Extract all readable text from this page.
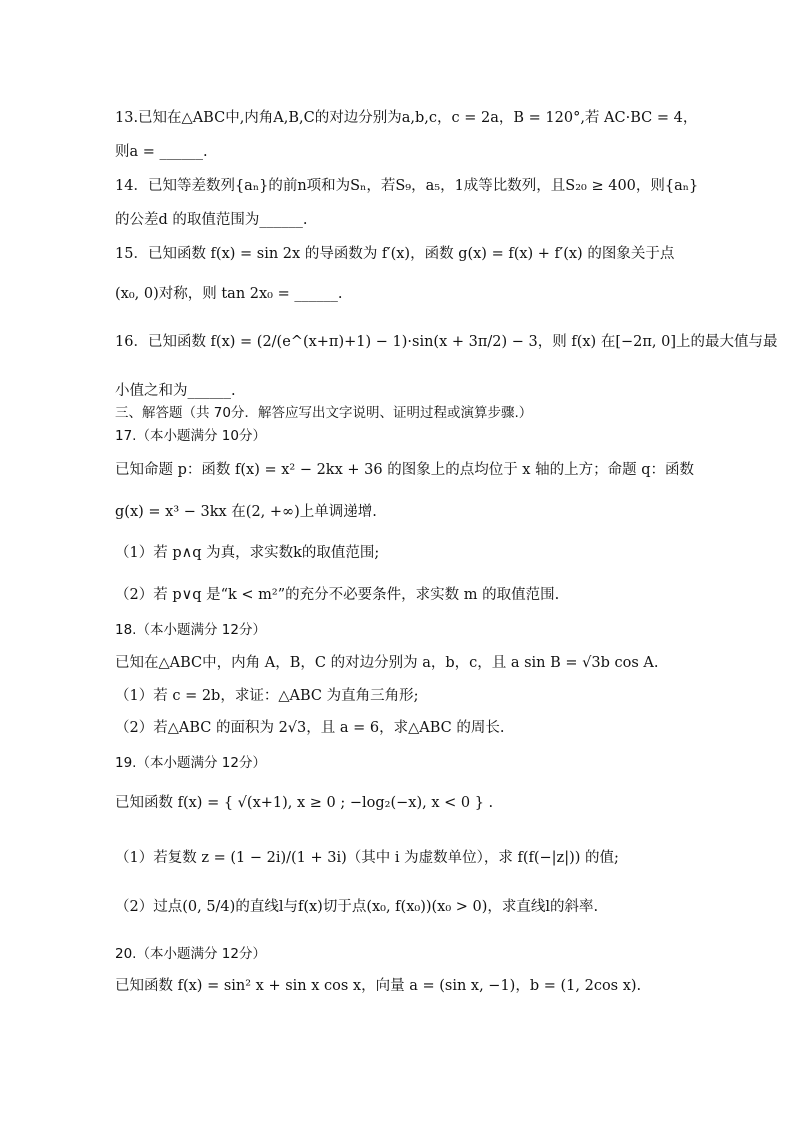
13.已知在△ABC中,内角A,B,C的对边分别为a,b,c，c = 2a，B = 120°,若 AC·BC = 4，
则a = ______.
14．已知等差数列{aₙ}的前n项和为Sₙ，若S₉，a₅，1成等比数列，且S₂₀ ≥ 400，则{aₙ}
的公差d 的取值范围为______.
15．已知函数 f(x) = sin 2x 的导函数为 f′(x)，函数 g(x) = f(x) + f′(x) 的图象关于点
(x₀, 0)对称，则 tan 2x₀ = ______.
16．已知函数 f(x) = (2/(e^(x+π)+1) − 1)·sin(x + 3π/2) − 3，则 f(x) 在[−2π, 0]上的最大值与最
小值之和为______.
三、解答题（共 70分．解答应写出文字说明、证明过程或演算步骤.）
17.（本小题满分 10分）
已知命题 p：函数 f(x) = x² − 2kx + 36 的图象上的点均位于 x 轴的上方；命题 q：函数
g(x) = x³ − 3kx 在(2, +∞)上单调递增.
（1）若 p∧q 为真，求实数k的取值范围;
（2）若 p∨q 是“k < m²”的充分不必要条件，求实数 m 的取值范围.
18.（本小题满分 12分）
已知在△ABC中，内角 A，B，C 的对边分别为 a，b，c，且 a sin B = √3b cos A.
（1）若 c = 2b，求证：△ABC 为直角三角形;
（2）若△ABC 的面积为 2√3，且 a = 6，求△ABC 的周长.
19.（本小题满分 12分）
已知函数 f(x) = { √(x+1), x ≥ 0 ; −log₂(−x), x < 0 } .
（1）若复数 z = (1 − 2i)/(1 + 3i)（其中 i 为虚数单位），求 f(f(−|z|)) 的值;
（2）过点(0, 5/4)的直线l与f(x)切于点(x₀, f(x₀))(x₀ > 0)，求直线l的斜率.
20.（本小题满分 12分）
已知函数 f(x) = sin² x + sin x cos x，向量 a = (sin x, −1)，b = (1, 2cos x).
